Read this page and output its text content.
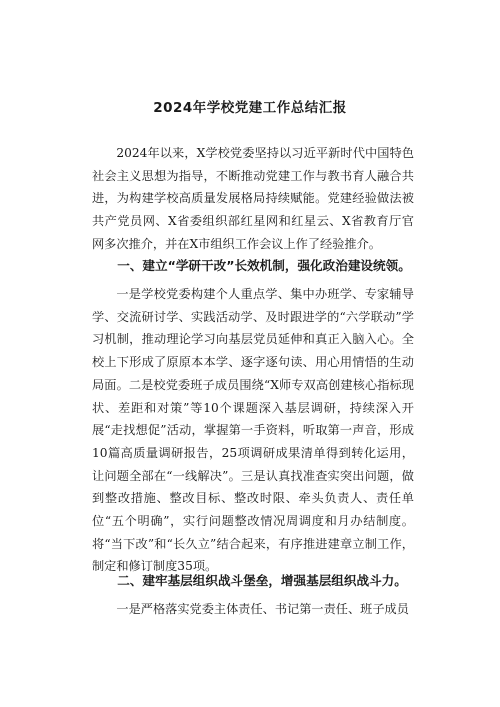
2024年学校党建工作总结汇报

2024年以来，X学校党委坚持以习近平新时代中国特色社会主义思想为指导，不断推动党建工作与教书育人融合共进，为构建学校高质量发展格局持续赋能。党建经验做法被共产党员网、X省委组织部红星网和红星云、X省教育厅官网多次推介，并在X市组织工作会议上作了经验推介。

一、建立“学研干改”长效机制，强化政治建设统领。

一是学校党委构建个人重点学、集中办班学、专家辅导学、交流研讨学、实践活动学、及时跟进学的“六学联动”学习机制，推动理论学习向基层党员延伸和真正入脑入心。全校上下形成了原原本本学、逐字逐句读、用心用情悟的生动局面。二是校党委班子成员围绕“X师专双高创建核心指标现状、差距和对策”等10个课题深入基层调研，持续深入开展“走找想促”活动，掌握第一手资料，听取第一声音，形成10篇高质量调研报告，25项调研成果清单得到转化运用，让问题全部在“一线解决”。三是认真找准查实突出问题，做到整改措施、整改目标、整改时限、牵头负责人、责任单位“五个明确”，实行问题整改情况周调度和月办结制度。将“当下改”和“长久立”结合起来，有序推进建章立制工作，制定和修订制度35项。

二、建牢基层组织战斗堡垒，增强基层组织战斗力。

一是严格落实党委主体责任、书记第一责任、班子成员
